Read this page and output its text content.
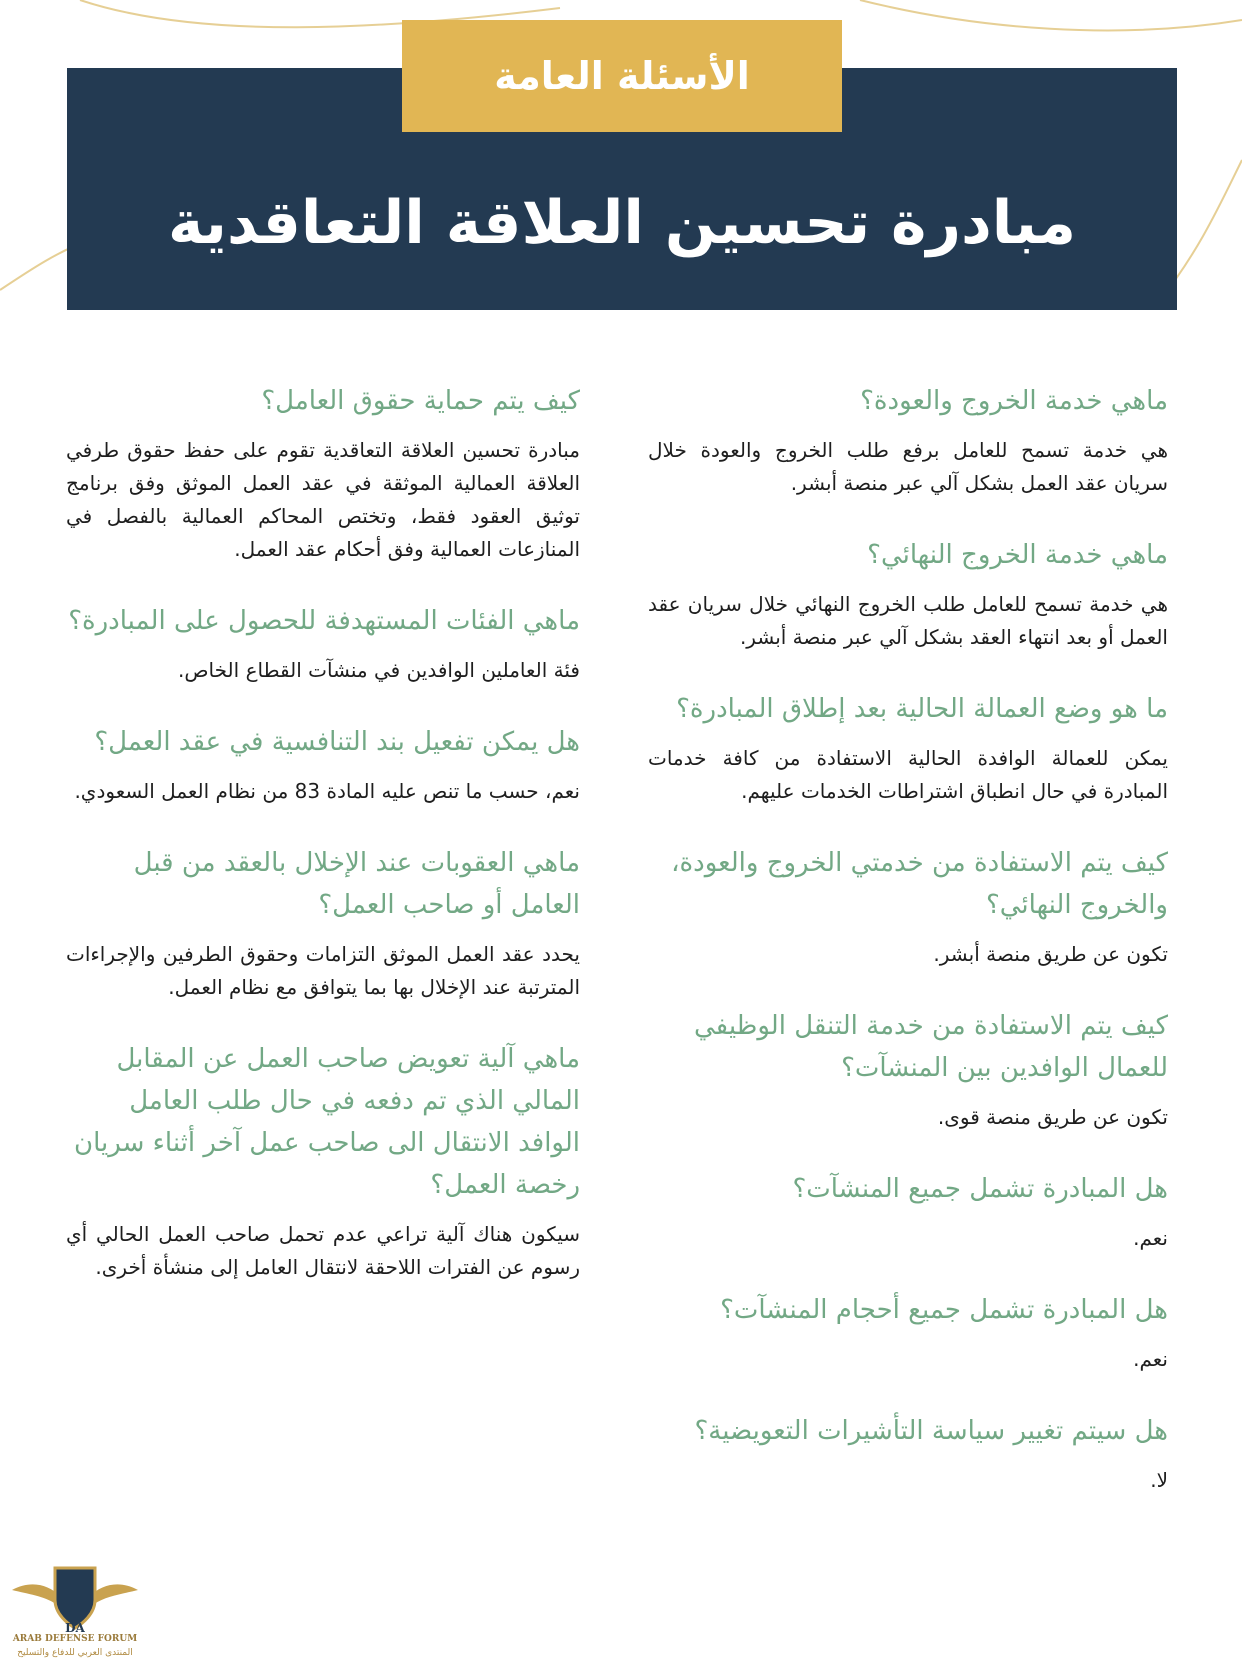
الأسئلة العامة
مبادرة تحسين العلاقة التعاقدية
ماهي خدمة الخروج والعودة؟

هي خدمة تسمح للعامل برفع طلب الخروج والعودة خلال سريان عقد العمل بشكل آلي عبر منصة أبشر.

ماهي خدمة الخروج النهائي؟

هي خدمة تسمح للعامل طلب الخروج النهائي خلال سريان عقد العمل أو بعد انتهاء العقد بشكل آلي عبر منصة أبشر.

ما هو وضع العمالة الحالية بعد إطلاق المبادرة؟

يمكن للعمالة الوافدة الحالية الاستفادة من كافة خدمات المبادرة في حال انطباق اشتراطات الخدمات عليهم.

كيف يتم الاستفادة من خدمتي الخروج والعودة، والخروج النهائي؟

تكون عن طريق منصة أبشر.

كيف يتم الاستفادة من خدمة التنقل الوظيفي للعمال الوافدين بين المنشآت؟

تكون عن طريق منصة قوى.

هل المبادرة تشمل جميع المنشآت؟

نعم.

هل المبادرة تشمل جميع أحجام المنشآت؟

نعم.

هل سيتم تغيير سياسة التأشيرات التعويضية؟

لا.

كيف يتم حماية حقوق العامل؟

مبادرة تحسين العلاقة التعاقدية تقوم على حفظ حقوق طرفي العلاقة العمالية الموثقة في عقد العمل الموثق وفق برنامج توثيق العقود فقط، وتختص المحاكم العمالية بالفصل في المنازعات العمالية وفق أحكام عقد العمل.

ماهي الفئات المستهدفة للحصول على المبادرة؟

فئة العاملين الوافدين في منشآت القطاع الخاص.

هل يمكن تفعيل بند التنافسية في عقد العمل؟

نعم، حسب ما تنص عليه المادة 83 من نظام العمل السعودي.

ماهي العقوبات عند الإخلال بالعقد من قبل العامل أو صاحب العمل؟

يحدد عقد العمل الموثق التزامات وحقوق الطرفين والإجراءات المترتبة عند الإخلال بها بما يتوافق مع نظام العمل.

ماهي آلية تعويض صاحب العمل عن المقابل المالي الذي تم دفعه في حال طلب العامل الوافد الانتقال الى صاحب عمل آخر أثناء سريان رخصة العمل؟

سيكون هناك آلية تراعي عدم تحمل صاحب العمل الحالي أي رسوم عن الفترات اللاحقة لانتقال العامل إلى منشأة أخرى.

DA
ARAB DEFENSE FORUM
المنتدى العربي للدفاع والتسليح
